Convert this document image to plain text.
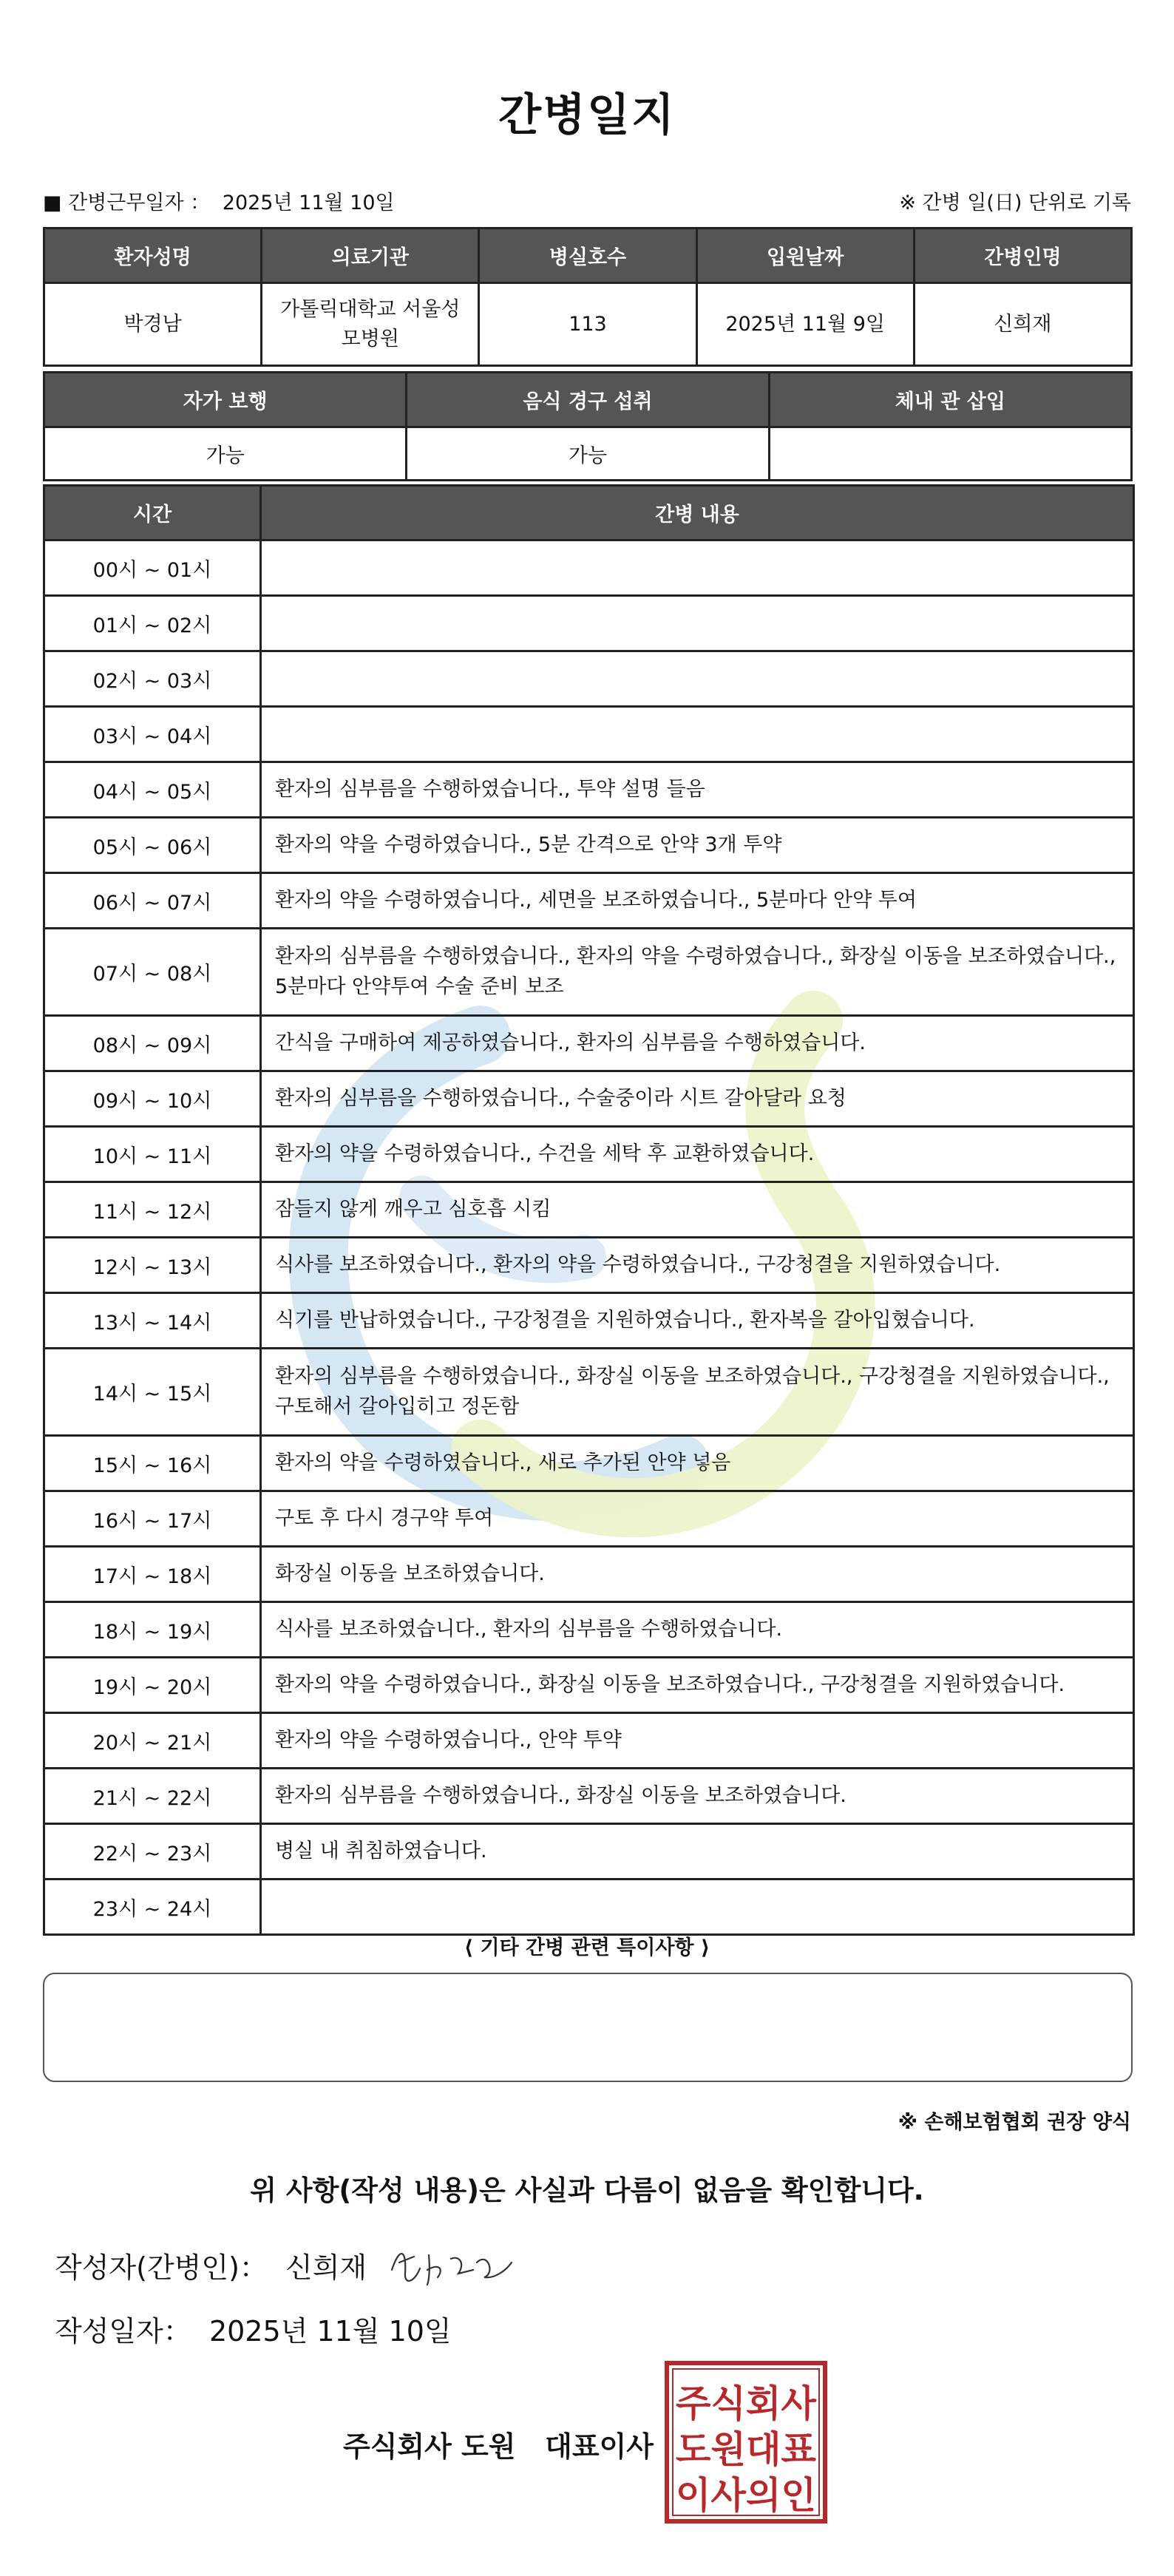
간병일지
■ 간병근무일자 ： 2025년 11월 10일	※ 간병 일(日) 단위로 기록
환자성명	의료기관	병실호수	입원날짜	간병인명
박경남	가톨릭대학교 서울성모병원	113	2025년 11월 9일	신희재
자가 보행	음식 경구 섭취	체내 관 삽입
가능	가능	
시간	간병 내용
00시 ~ 01시	
01시 ~ 02시	
02시 ~ 03시	
03시 ~ 04시	
04시 ~ 05시	환자의 심부름을 수행하였습니다., 투약 설명 들음
05시 ~ 06시	환자의 약을 수령하였습니다., 5분 간격으로 안약 3개 투약
06시 ~ 07시	환자의 약을 수령하였습니다., 세면을 보조하였습니다., 5분마다 안약 투여
07시 ~ 08시	환자의 심부름을 수행하였습니다., 환자의 약을 수령하였습니다., 화장실 이동을 보조하였습니다., 5분마다 안약투여 수술 준비 보조
08시 ~ 09시	간식을 구매하여 제공하였습니다., 환자의 심부름을 수행하였습니다.
09시 ~ 10시	환자의 심부름을 수행하였습니다., 수술중이라 시트 갈아달라 요청
10시 ~ 11시	환자의 약을 수령하였습니다., 수건을 세탁 후 교환하였습니다.
11시 ~ 12시	잠들지 않게 깨우고 심호흡 시킴
12시 ~ 13시	식사를 보조하였습니다., 환자의 약을 수령하였습니다., 구강청결을 지원하였습니다.
13시 ~ 14시	식기를 반납하였습니다., 구강청결을 지원하였습니다., 환자복을 갈아입혔습니다.
14시 ~ 15시	환자의 심부름을 수행하였습니다., 화장실 이동을 보조하였습니다., 구강청결을 지원하였습니다., 구토해서 갈아입히고 정돈함
15시 ~ 16시	환자의 약을 수령하였습니다., 새로 추가된 안약 넣음
16시 ~ 17시	구토 후 다시 경구약 투여
17시 ~ 18시	화장실 이동을 보조하였습니다.
18시 ~ 19시	식사를 보조하였습니다., 환자의 심부름을 수행하였습니다.
19시 ~ 20시	환자의 약을 수령하였습니다., 화장실 이동을 보조하였습니다., 구강청결을 지원하였습니다.
20시 ~ 21시	환자의 약을 수령하였습니다., 안약 투약
21시 ~ 22시	환자의 심부름을 수행하였습니다., 화장실 이동을 보조하였습니다.
22시 ~ 23시	병실 내 취침하였습니다.
23시 ~ 24시	
⟨ 기타 간병 관련 특이사항 ⟩
※ 손해보험협회 권장 양식
위 사항(작성 내용)은 사실과 다름이 없음을 확인합니다.
작성자(간병인)： 신희재
작성일자： 2025년 11월 10일
주식회사 도원   대표이사
주식회사
도원대표
이사의인
